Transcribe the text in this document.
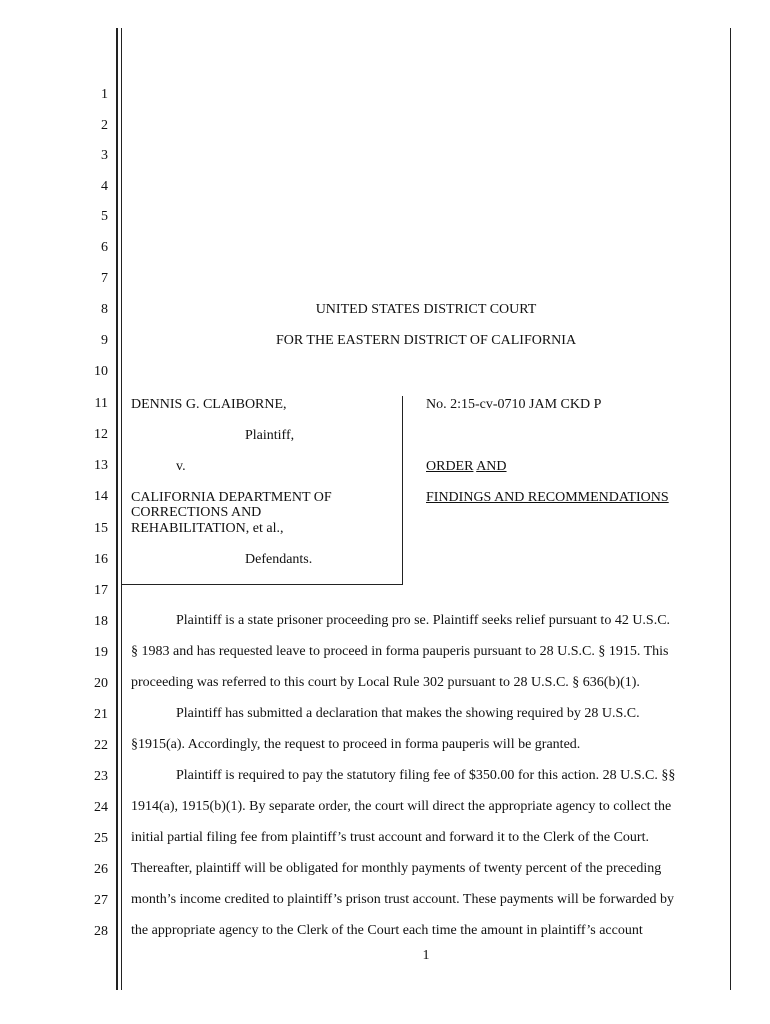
1
2
3
4
5
6
7
8
9
10
11
12
13
14
15
16
17
18
19
20
21
22
23
24
25
26
27
28
UNITED STATES DISTRICT COURT
FOR THE EASTERN DISTRICT OF CALIFORNIA
DENNIS G. CLAIBORNE,
Plaintiff,
v.
CALIFORNIA DEPARTMENT OF
CORRECTIONS AND
REHABILITATION, et al.,
Defendants.
No. 2:15-cv-0710 JAM CKD P
ORDER AND
FINDINGS AND RECOMMENDATIONS
Plaintiff is a state prisoner proceeding pro se. Plaintiff seeks relief pursuant to 42 U.S.C.
§ 1983 and has requested leave to proceed in forma pauperis pursuant to 28 U.S.C. § 1915. This
proceeding was referred to this court by Local Rule 302 pursuant to 28 U.S.C. § 636(b)(1).
Plaintiff has submitted a declaration that makes the showing required by 28 U.S.C.
§1915(a). Accordingly, the request to proceed in forma pauperis will be granted.
Plaintiff is required to pay the statutory filing fee of $350.00 for this action. 28 U.S.C. §§
1914(a), 1915(b)(1). By separate order, the court will direct the appropriate agency to collect the
initial partial filing fee from plaintiff’s trust account and forward it to the Clerk of the Court.
Thereafter, plaintiff will be obligated for monthly payments of twenty percent of the preceding
month’s income credited to plaintiff’s prison trust account. These payments will be forwarded by
the appropriate agency to the Clerk of the Court each time the amount in plaintiff’s account
1
